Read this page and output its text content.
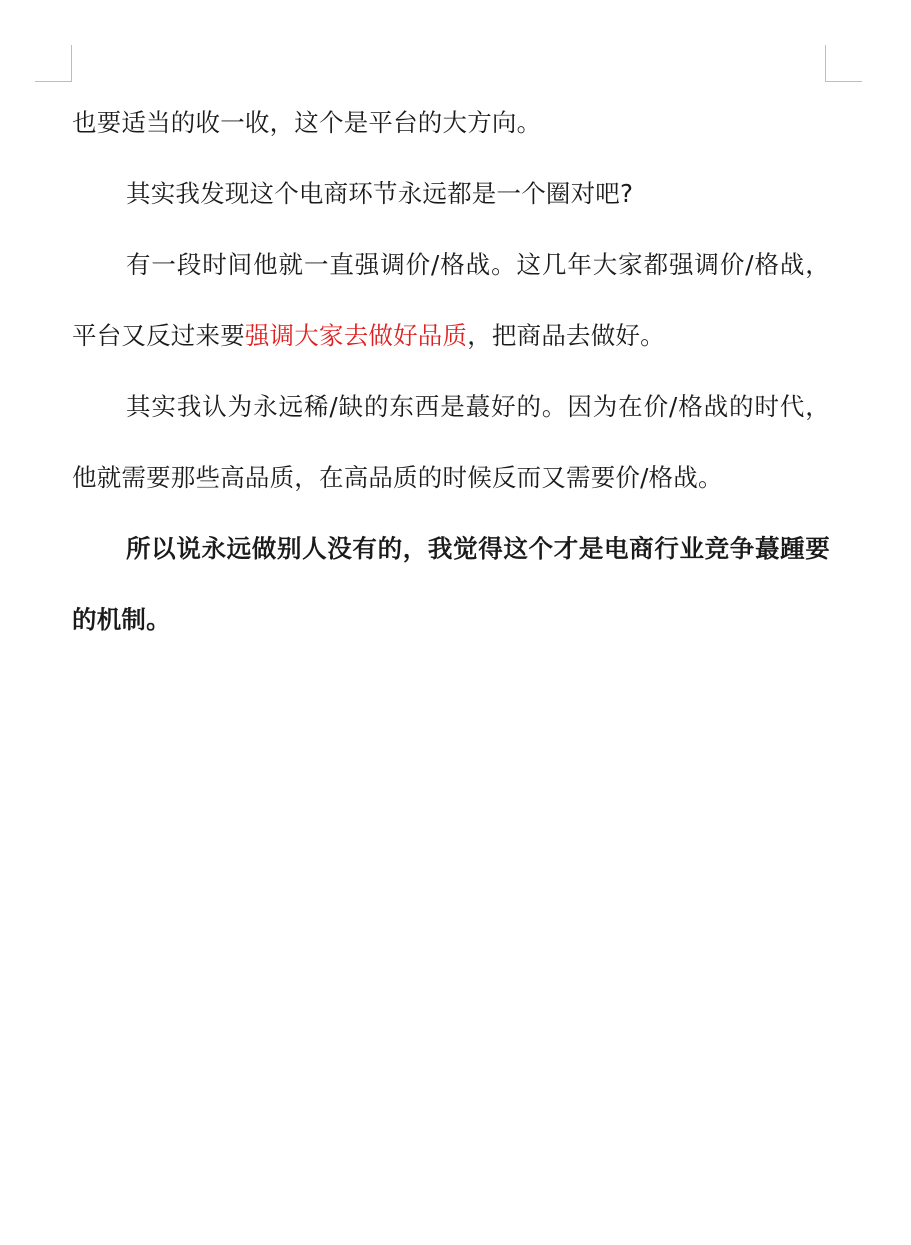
也要适当的收一收，这个是平台的大方向。

其实我发现这个电商环节永远都是一个圈对吧?

有一段时间他就一直强调价/格战。这几年大家都强调价/格战，平台又反过来要强调大家去做好品质，把商品去做好。

其实我认为永远稀/缺的东西是蕞好的。因为在价/格战的时代，他就需要那些高品质，在高品质的时候反而又需要价/格战。

所以说永远做别人没有的，我觉得这个才是电商行业竞争蕞踵要的机制。
